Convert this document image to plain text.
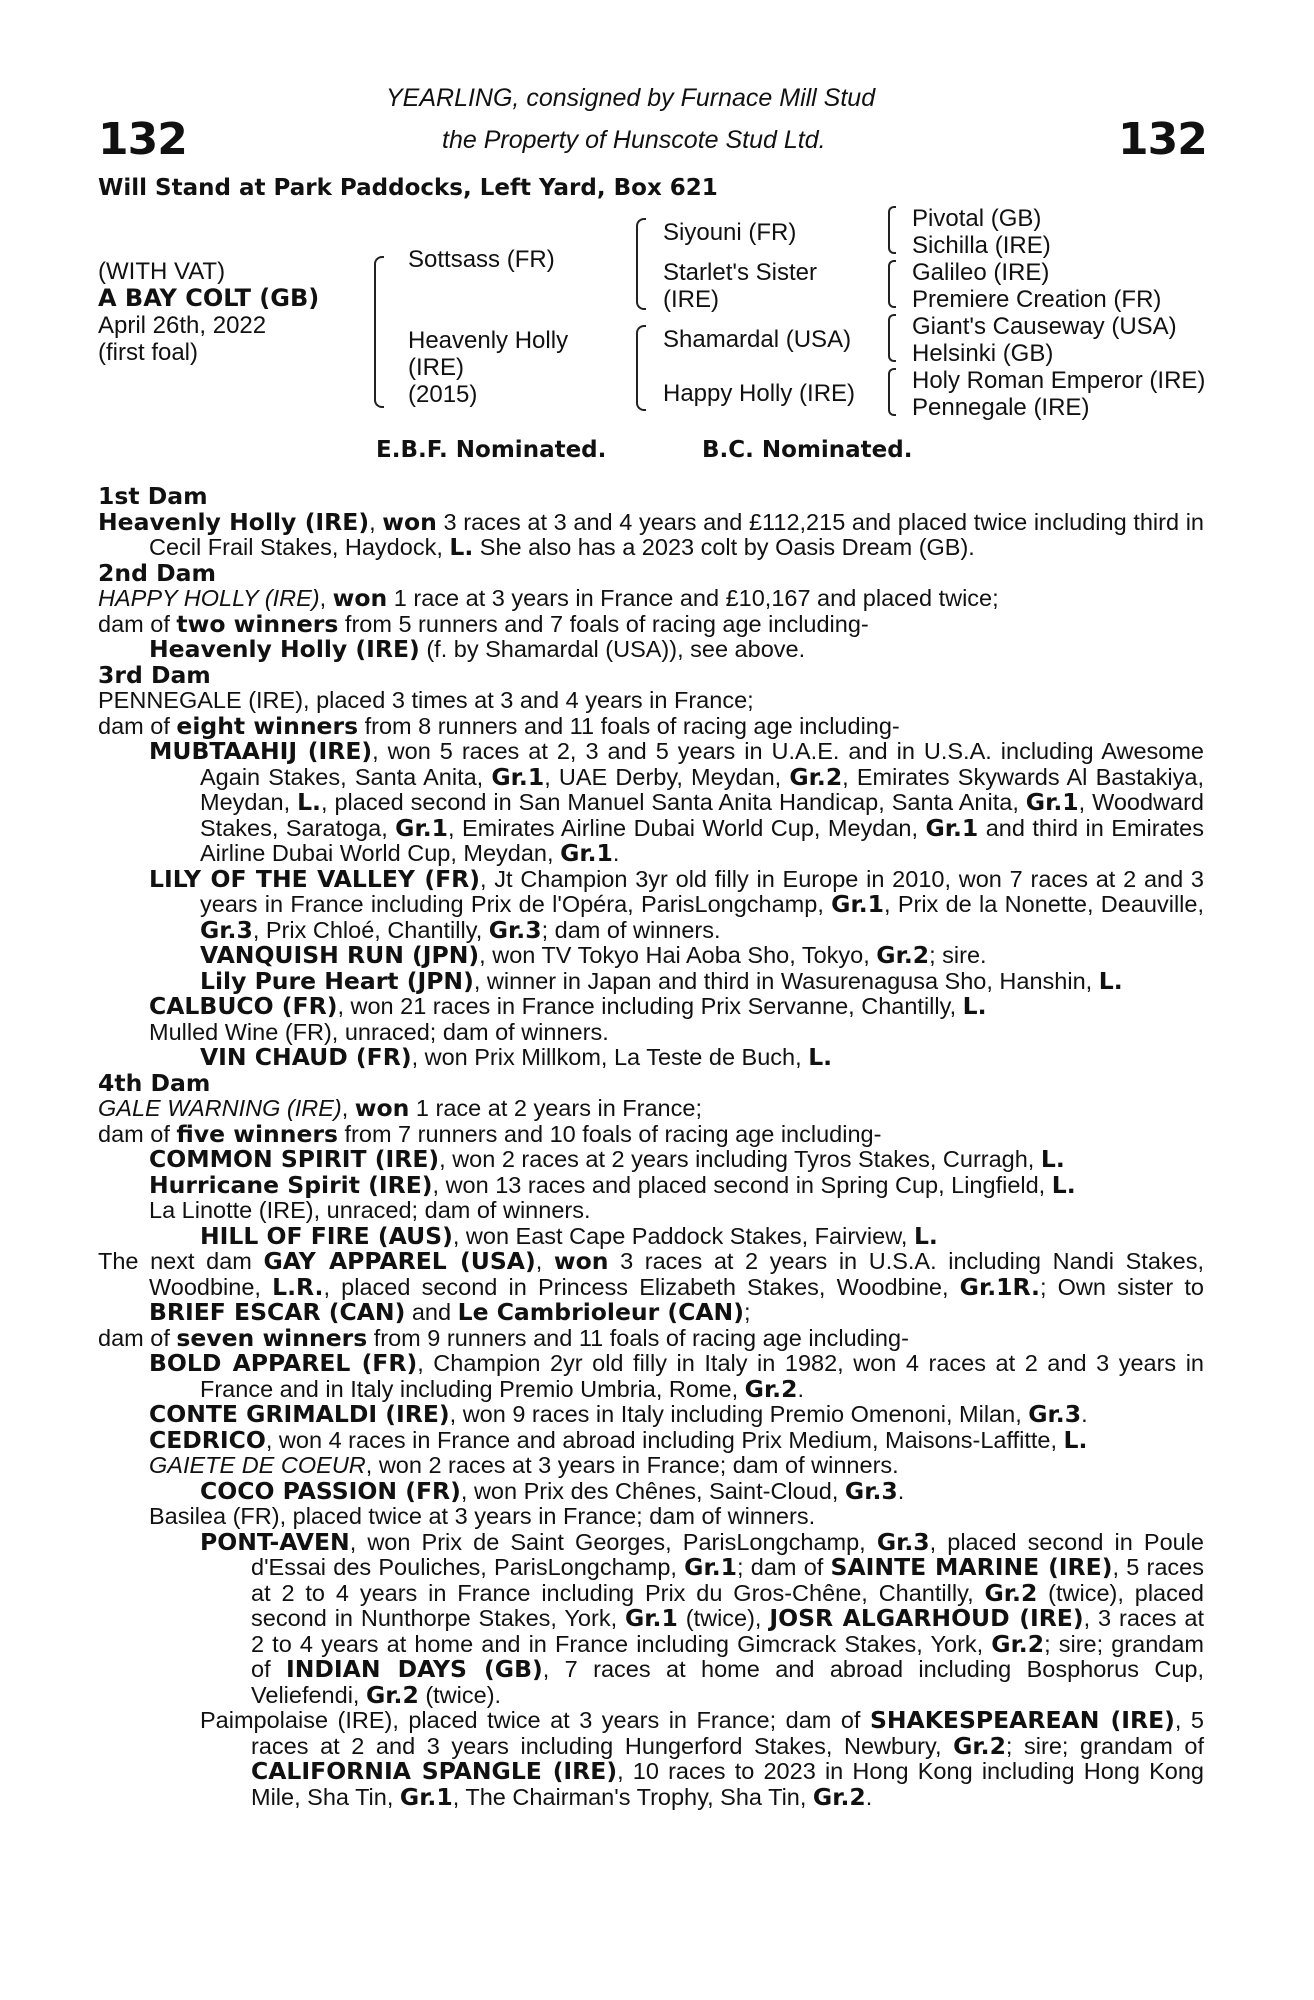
132	132
YEARLING, consigned by Furnace Mill Stud
the Property of Hunscote Stud Ltd.
Will Stand at Park Paddocks, Left Yard, Box 621
(WITH VAT)
A BAY COLT (GB)
April 26th, 2022
(first foal)
Sottsass (FR)
Heavenly Holly
(IRE)
(2015)
Siyouni (FR)
Starlet's Sister
(IRE)
Shamardal (USA)
Happy Holly (IRE)
Pivotal (GB)
Sichilla (IRE)
Galileo (IRE)
Premiere Creation (FR)
Giant's Causeway (USA)
Helsinki (GB)
Holy Roman Emperor (IRE)
Pennegale (IRE)
E.B.F. Nominated.	B.C. Nominated.

1st Dam

Heavenly Holly (IRE), won 3 races at 3 and 4 years and £112,215 and placed twice including third in Cecil Frail Stakes, Haydock, L. She also has a 2023 colt by Oasis Dream (GB).

2nd Dam

HAPPY HOLLY (IRE), won 1 race at 3 years in France and £10,167 and placed twice;

dam of two winners from 5 runners and 7 foals of racing age including-

Heavenly Holly (IRE) (f. by Shamardal (USA)), see above.

3rd Dam

PENNEGALE (IRE), placed 3 times at 3 and 4 years in France;

dam of eight winners from 8 runners and 11 foals of racing age including-

MUBTAAHIJ (IRE), won 5 races at 2, 3 and 5 years in U.A.E. and in U.S.A. including Awesome Again Stakes, Santa Anita, Gr.1, UAE Derby, Meydan, Gr.2, Emirates Skywards Al Bastakiya, Meydan, L., placed second in San Manuel Santa Anita Handicap, Santa Anita, Gr.1, Woodward Stakes, Saratoga, Gr.1, Emirates Airline Dubai World Cup, Meydan, Gr.1 and third in Emirates Airline Dubai World Cup, Meydan, Gr.1.

LILY OF THE VALLEY (FR), Jt Champion 3yr old filly in Europe in 2010, won 7 races at 2 and 3 years in France including Prix de l'Opéra, ParisLongchamp, Gr.1, Prix de la Nonette, Deauville, Gr.3, Prix Chloé, Chantilly, Gr.3; dam of winners.

VANQUISH RUN (JPN), won TV Tokyo Hai Aoba Sho, Tokyo, Gr.2; sire.

Lily Pure Heart (JPN), winner in Japan and third in Wasurenagusa Sho, Hanshin, L.

CALBUCO (FR), won 21 races in France including Prix Servanne, Chantilly, L.

Mulled Wine (FR), unraced; dam of winners.

VIN CHAUD (FR), won Prix Millkom, La Teste de Buch, L.

4th Dam

GALE WARNING (IRE), won 1 race at 2 years in France;

dam of five winners from 7 runners and 10 foals of racing age including-

COMMON SPIRIT (IRE), won 2 races at 2 years including Tyros Stakes, Curragh, L.

Hurricane Spirit (IRE), won 13 races and placed second in Spring Cup, Lingfield, L.

La Linotte (IRE), unraced; dam of winners.

HILL OF FIRE (AUS), won East Cape Paddock Stakes, Fairview, L.

The next dam GAY APPAREL (USA), won 3 races at 2 years in U.S.A. including Nandi Stakes, Woodbine, L.R., placed second in Princess Elizabeth Stakes, Woodbine, Gr.1R.; Own sister to BRIEF ESCAR (CAN) and Le Cambrioleur (CAN);

dam of seven winners from 9 runners and 11 foals of racing age including-

BOLD APPAREL (FR), Champion 2yr old filly in Italy in 1982, won 4 races at 2 and 3 years in France and in Italy including Premio Umbria, Rome, Gr.2.

CONTE GRIMALDI (IRE), won 9 races in Italy including Premio Omenoni, Milan, Gr.3.

CEDRICO, won 4 races in France and abroad including Prix Medium, Maisons-Laffitte, L.

GAIETE DE COEUR, won 2 races at 3 years in France; dam of winners.

COCO PASSION (FR), won Prix des Chênes, Saint-Cloud, Gr.3.

Basilea (FR), placed twice at 3 years in France; dam of winners.

PONT-AVEN, won Prix de Saint Georges, ParisLongchamp, Gr.3, placed second in Poule d'Essai des Pouliches, ParisLongchamp, Gr.1; dam of SAINTE MARINE (IRE), 5 races at 2 to 4 years in France including Prix du Gros-Chêne, Chantilly, Gr.2 (twice), placed second in Nunthorpe Stakes, York, Gr.1 (twice), JOSR ALGARHOUD (IRE), 3 races at 2 to 4 years at home and in France including Gimcrack Stakes, York, Gr.2; sire; grandam of INDIAN DAYS (GB), 7 races at home and abroad including Bosphorus Cup, Veliefendi, Gr.2 (twice).

Paimpolaise (IRE), placed twice at 3 years in France; dam of SHAKESPEAREAN (IRE), 5 races at 2 and 3 years including Hungerford Stakes, Newbury, Gr.2; sire; grandam of CALIFORNIA SPANGLE (IRE), 10 races to 2023 in Hong Kong including Hong Kong Mile, Sha Tin, Gr.1, The Chairman's Trophy, Sha Tin, Gr.2.
